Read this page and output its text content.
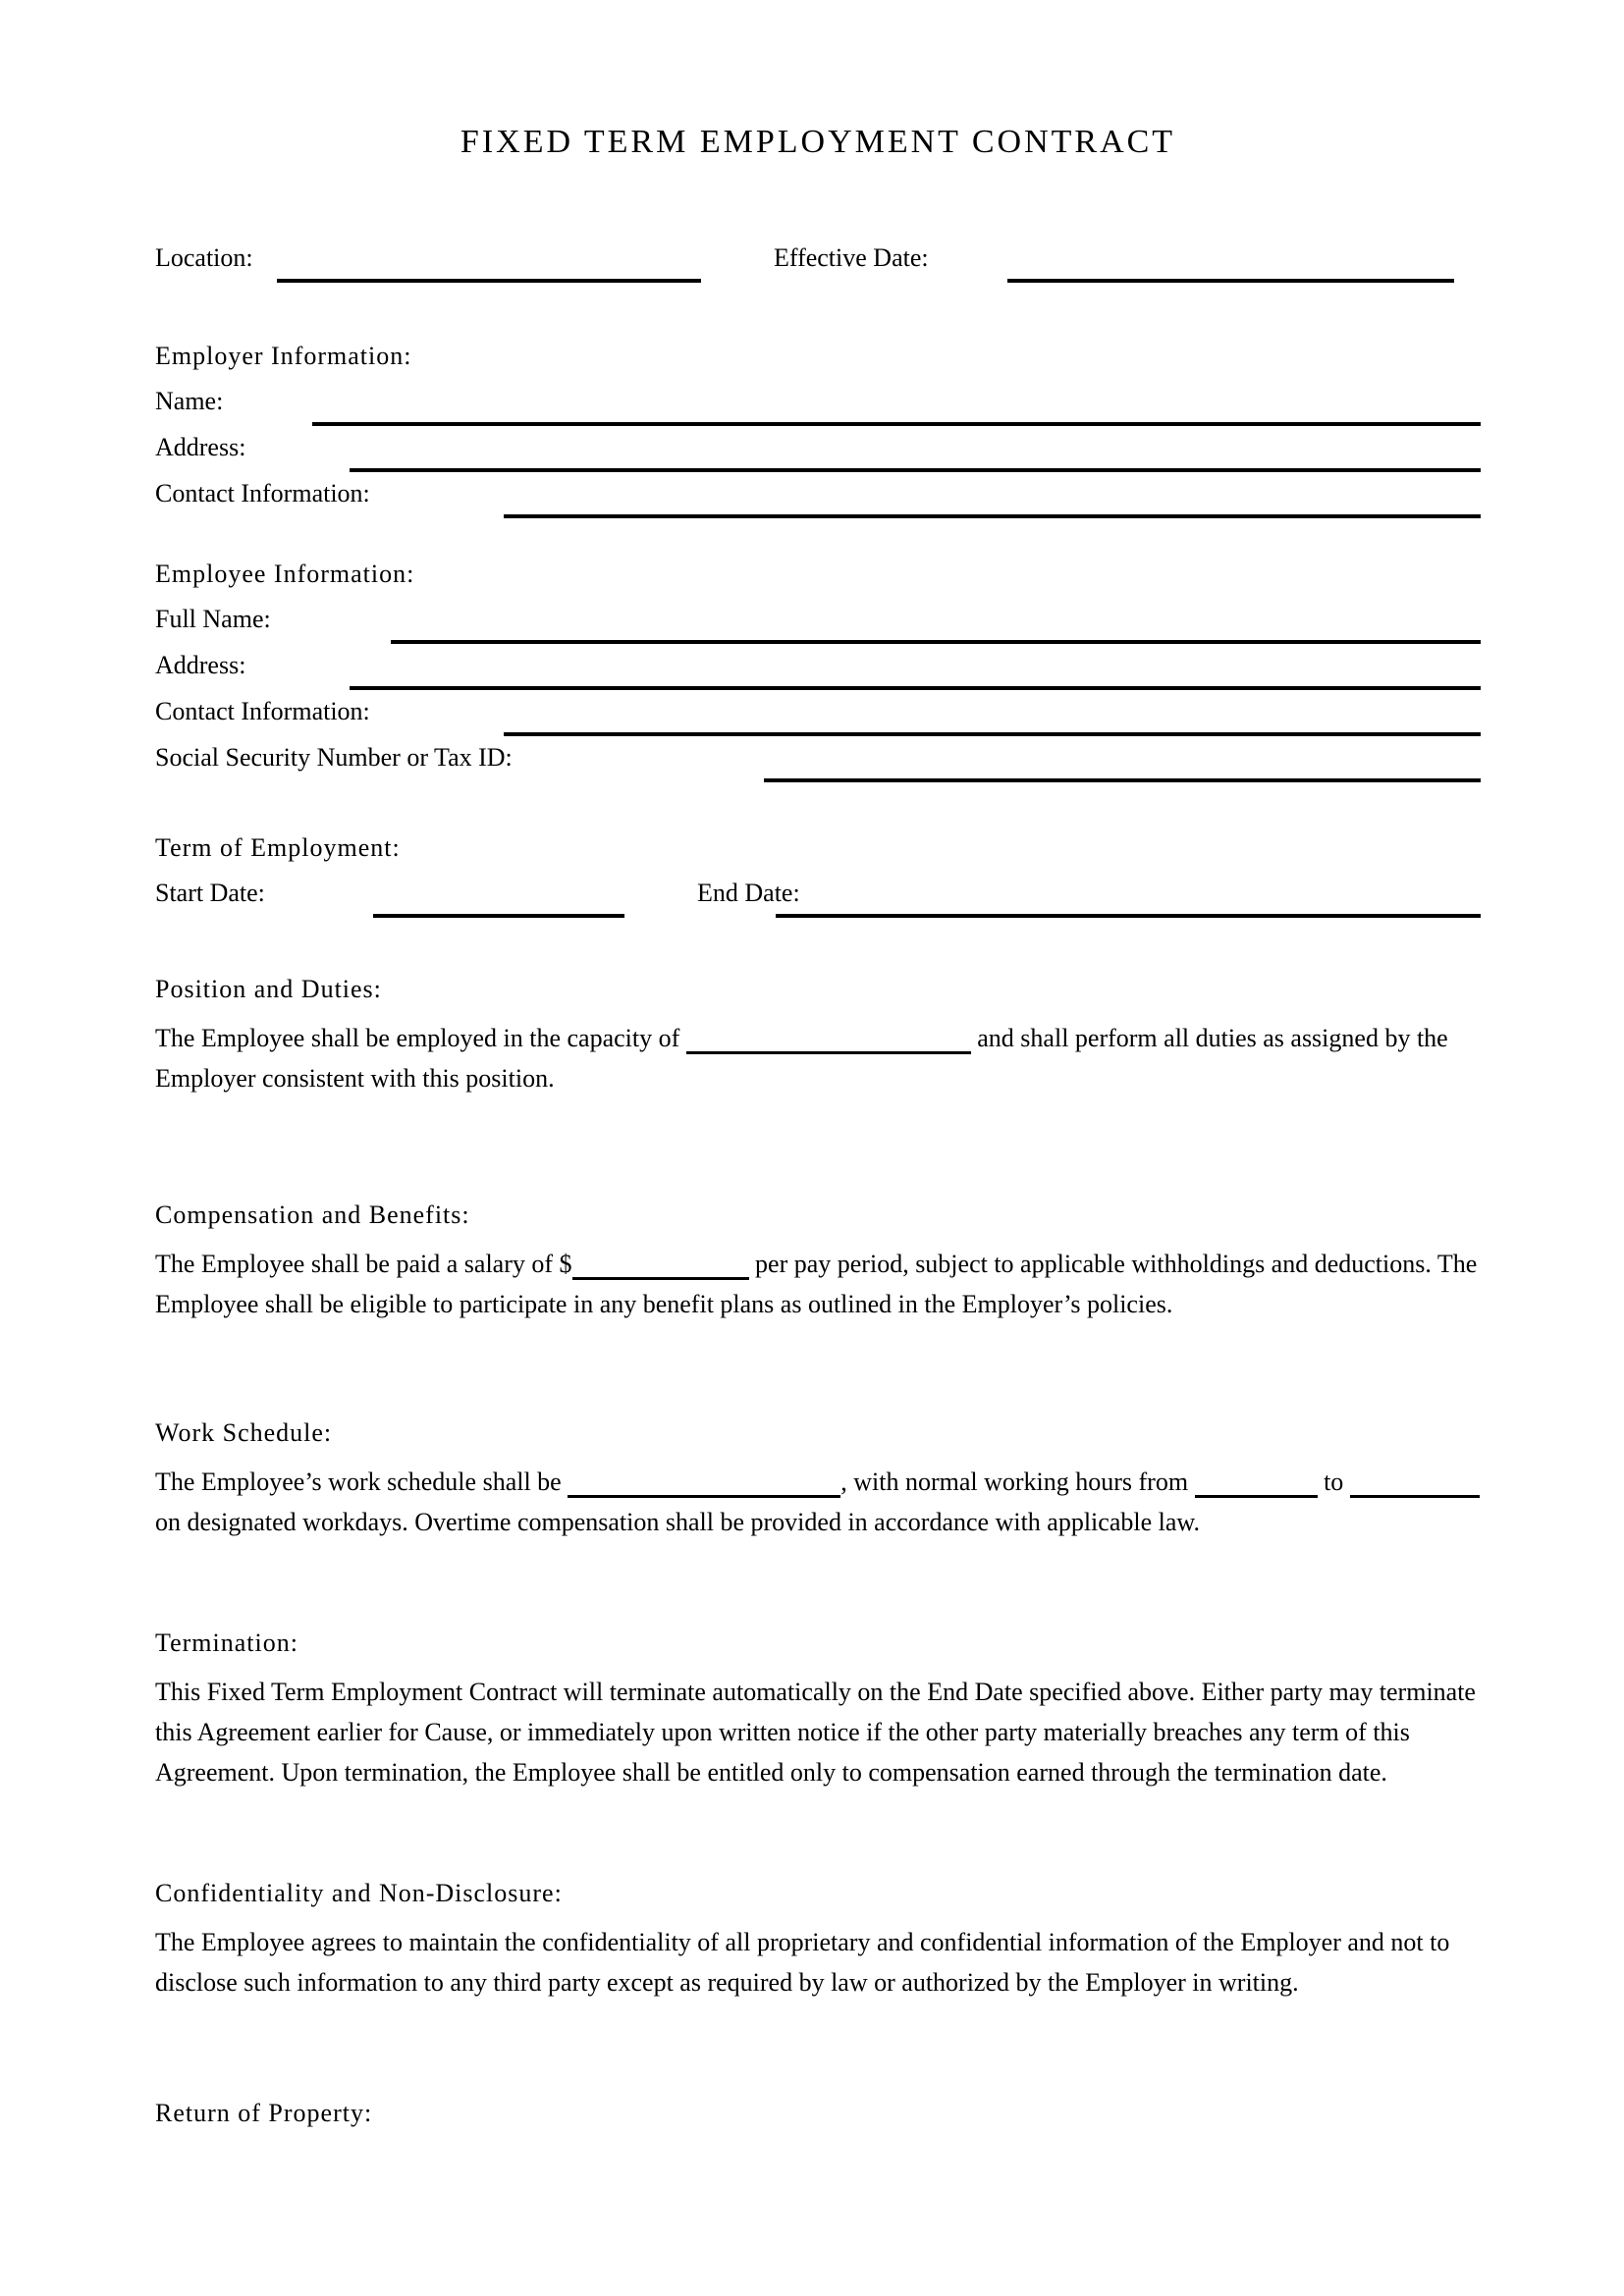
FIXED TERM EMPLOYMENT CONTRACT
Location:	Effective Date:
Employer Information:
Name:
Address:
Contact Information:
Employee Information:
Full Name:
Address:
Contact Information:
Social Security Number or Tax ID:
Term of Employment:
Start Date:	End Date:
Position and Duties:

The Employee shall be employed in the capacity of	and shall perform all duties as assigned by the Employer consistent with this position.

Compensation and Benefits:

The Employee shall be paid a salary of $	per pay period, subject to applicable withholdings and deductions. The Employee shall be eligible to participate in any benefit plans as outlined in the Employer’s policies.

Work Schedule:

The Employee’s work schedule shall be	, with normal working hours from	to  on designated workdays. Overtime compensation shall be provided in accordance with applicable law.

Termination:

This Fixed Term Employment Contract will terminate automatically on the End Date specified above. Either party may terminate this Agreement earlier for Cause, or immediately upon written notice if the other party materially breaches any term of this Agreement. Upon termination, the Employee shall be entitled only to compensation earned through the termination date.

Confidentiality and Non-Disclosure:

The Employee agrees to maintain the confidentiality of all proprietary and confidential information of the Employer and not to disclose such information to any third party except as required by law or authorized by the Employer in writing.

Return of Property:
